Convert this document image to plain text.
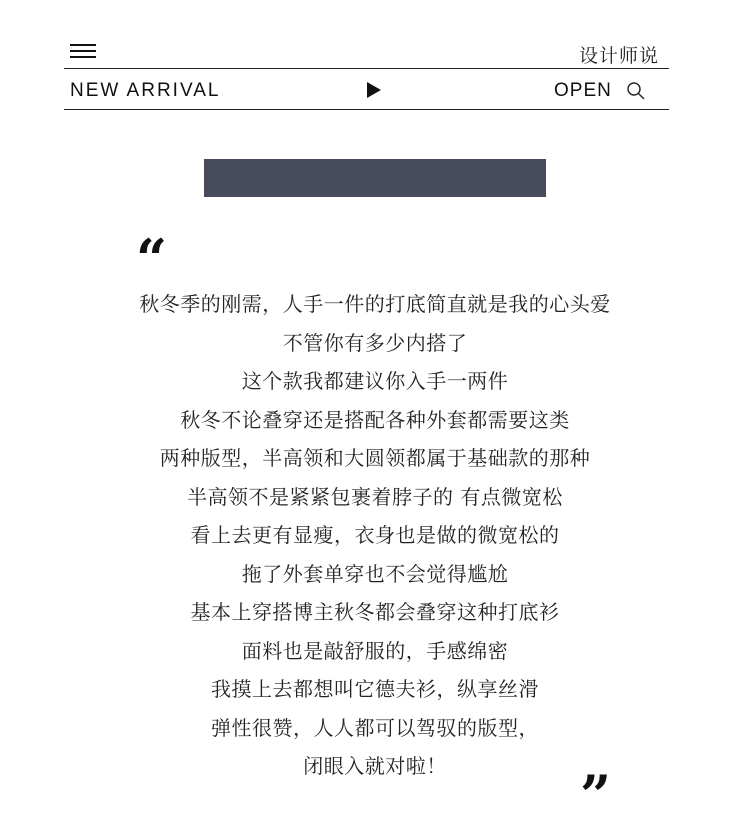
设计师说
NEW ARRIVAL	OPEN
“
秋冬季的刚需，人手一件的打底简直就是我的心头爱
不管你有多少内搭了
这个款我都建议你入手一两件
秋冬不论叠穿还是搭配各种外套都需要这类
两种版型，半高领和大圆领都属于基础款的那种
半高领不是紧紧包裹着脖子的 有点微宽松
看上去更有显瘦，衣身也是做的微宽松的
拖了外套单穿也不会觉得尴尬
基本上穿搭博主秋冬都会叠穿这种打底衫
面料也是敲舒服的，手感绵密
我摸上去都想叫它德夫衫，纵享丝滑
弹性很赞，人人都可以驾驭的版型，
闭眼入就对啦！	”
